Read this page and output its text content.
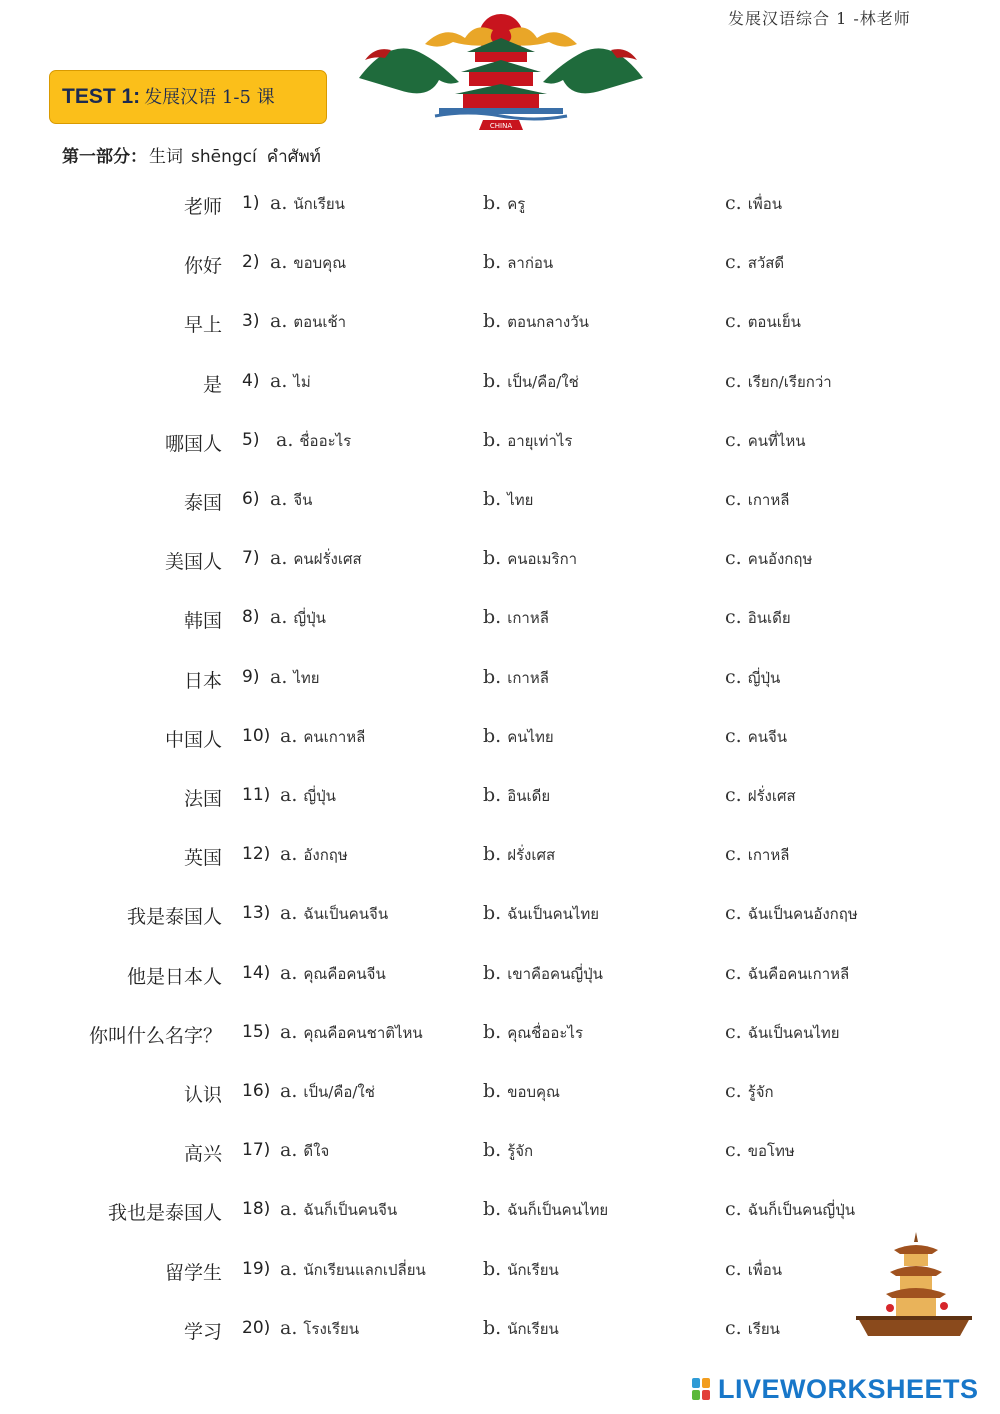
发展汉语综合 1 -林老师
CHINA
TEST 1: 发展汉语 1-5 课
第一部分： 生词 shēngcí คำศัพท์
老师 1) a. นักเรียน	b. ครู	c. เพื่อน
你好 2) a. ขอบคุณ	b. ลาก่อน	c. สวัสดี
早上 3) a. ตอนเช้า	b. ตอนกลางวัน	c. ตอนเย็น
是 4) a. ไม่	b. เป็น/คือ/ใช่	c. เรียก/เรียกว่า
哪国人 5) a. ชื่ออะไร	b. อายุเท่าไร	c. คนที่ไหน
泰国 6) a. จีน	b. ไทย	c. เกาหลี
美国人 7) a. คนฝรั่งเศส	b. คนอเมริกา	c. คนอังกฤษ
韩国 8) a. ญี่ปุ่น	b. เกาหลี	c. อินเดีย
日本 9) a. ไทย	b. เกาหลี	c. ญี่ปุ่น
中国人 10) a. คนเกาหลี	b. คนไทย	c. คนจีน
法国 11) a. ญี่ปุ่น	b. อินเดีย	c. ฝรั่งเศส
英国 12) a. อังกฤษ	b. ฝรั่งเศส	c. เกาหลี
我是泰国人 13) a. ฉันเป็นคนจีน	b. ฉันเป็นคนไทย	c. ฉันเป็นคนอังกฤษ
他是日本人 14) a. คุณคือคนจีน	b. เขาคือคนญี่ปุ่น	c. ฉันคือคนเกาหลี
你叫什么名字？ 15) a. คุณคือคนชาติไหน	b. คุณชื่ออะไร	c. ฉันเป็นคนไทย
认识 16) a. เป็น/คือ/ใช่	b. ขอบคุณ	c. รู้จัก
高兴 17) a. ดีใจ	b. รู้จัก	c. ขอโทษ
我也是泰国人 18) a. ฉันก็เป็นคนจีน	b. ฉันก็เป็นคนไทย	c. ฉันก็เป็นคนญี่ปุ่น
留学生 19) a. นักเรียนแลกเปลี่ยน	b. นักเรียน	c. เพื่อน
学习 20) a. โรงเรียน	b. นักเรียน	c. เรียน
LIVEWORKSHEETS
